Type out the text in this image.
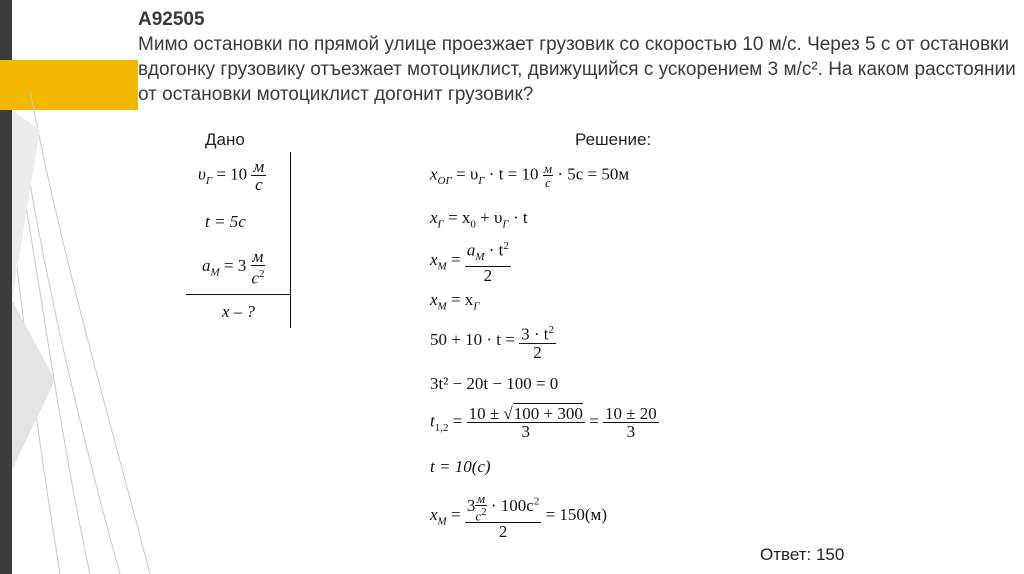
А92505
Мимо остановки по прямой улице проезжает грузовик со скоростью 10 м/с. Через 5 с от остановки вдогонку грузовику отъезжает мотоциклист, движущийся с ускорением 3 м/с². На каком расстоянии от остановки мотоциклист догонит грузовик?
Дано
$\upsilon_Г = 10 \frac{м}{с}$
t = 5с
$a_М = 3 \frac{м}{с^2}$
x – ?
Решение:
$x_{ОГ} = \upsilon_Г \cdot t = 10$ м
с · 5с = 50м
$x_Г = x_0 + \upsilon_Г \cdot t$
$x_М = \frac{a_М \cdot t^2}{2}$
$x_М = x_Г$
$50 + 10 \cdot t = \frac{3 \cdot t^2}{2}$
3t² − 20t − 100 = 0
$t_{1,2} = \frac{10 \pm √100 + 300}{3} = \frac{10 \pm 20}{3}$
t = 10(с)
$x_М = 3$ м
$с^2 \cdot 100с^2$
2 = 150(м)
Ответ: 150
